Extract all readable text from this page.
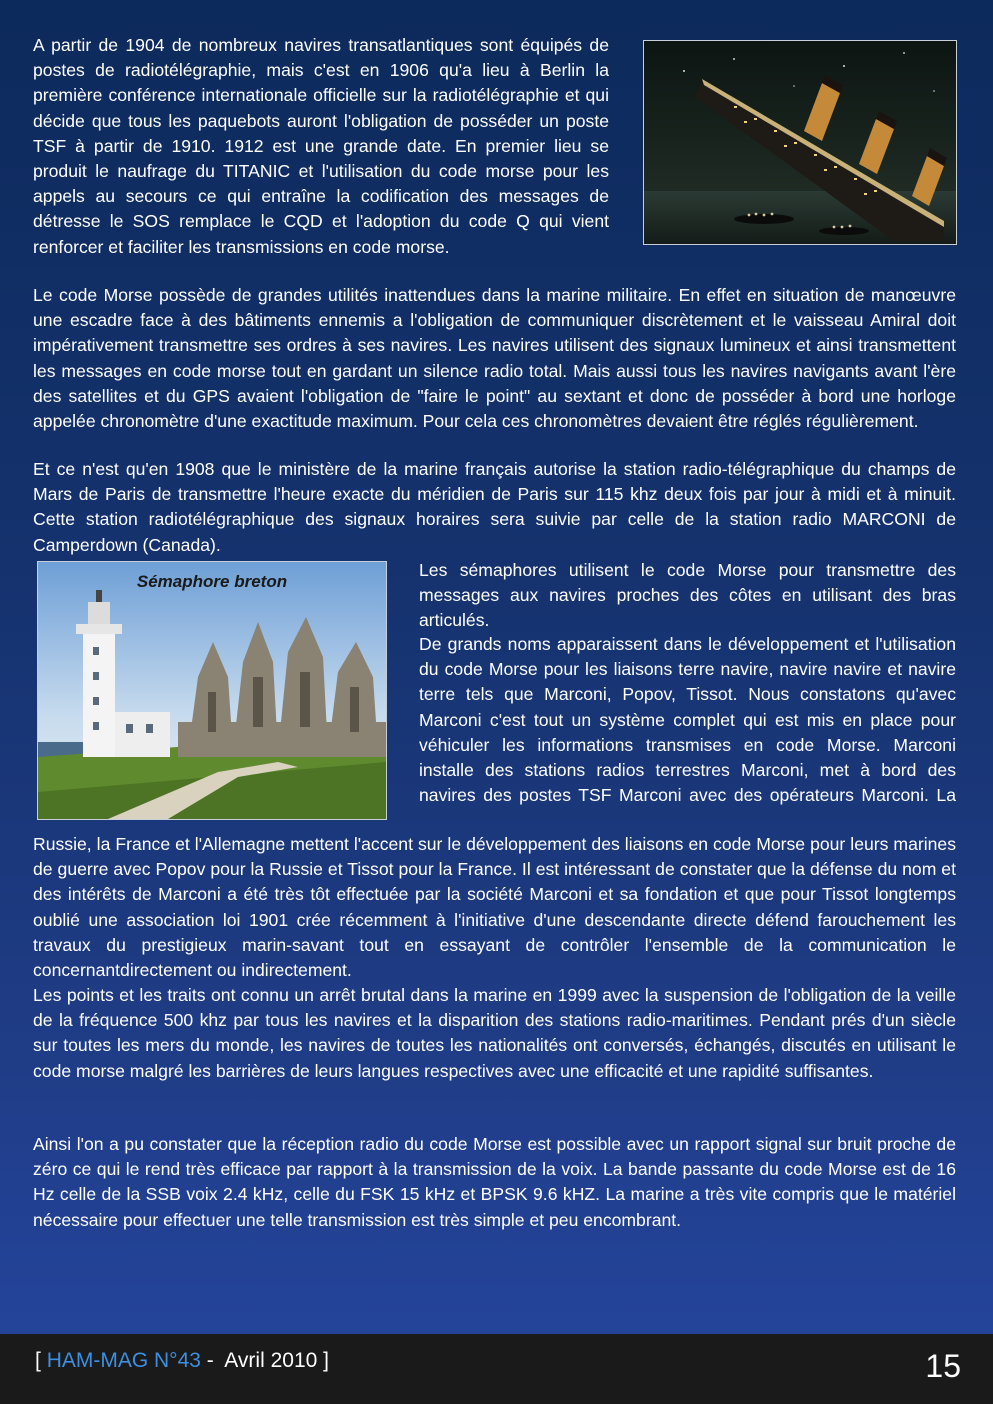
A partir de 1904 de nombreux navires transatlantiques sont équipés de postes de radiotélégraphie, mais c'est en 1906 qu'a lieu à Berlin la première conférence internationale officielle sur la radiotélégraphie et qui décide que tous les paquebots auront l'obligation de posséder un poste TSF à partir de 1910. 1912 est une grande date. En premier lieu se produit le naufrage du TITANIC et l'utilisation du code morse pour les appels au secours ce qui entraîne la codification des messages de détresse le SOS remplace le CQD et l'adoption du code Q qui vient renforcer et faciliter les transmissions en code morse.

Le code Morse possède de grandes utilités inattendues dans la marine militaire. En effet en situation de manœuvre une escadre face à des bâtiments ennemis a l'obligation de communiquer discrètement et le vaisseau Amiral doit impérativement transmettre ses ordres à ses navires. Les navires utilisent des signaux lumineux et ainsi transmettent les messages en code morse tout en gardant un silence radio total. Mais aussi tous les navires navigants avant l'ère des satellites et du GPS avaient l'obligation de "faire le point" au sextant et donc de posséder à bord une horloge appelée chronomètre d'une exactitude maximum. Pour cela ces chronomètres devaient être réglés régulièrement.

Et ce n'est qu'en 1908 que le ministère de la marine français autorise la station radio-télégraphique du champs de Mars de Paris de transmettre l'heure exacte du méridien de Paris sur 115 khz deux fois par jour à midi et à minuit. Cette station radiotélégraphique des signaux horaires sera suivie par celle de la station radio MARCONI de Camperdown (Canada).

Sémaphore breton

Les sémaphores utilisent le code Morse pour transmettre des messages aux navires proches des côtes en utilisant des bras articulés.

De grands noms apparaissent dans le développement et l'utilisation du code Morse pour les liaisons terre navire, navire navire et navire terre tels que Marconi, Popov, Tissot. Nous constatons qu'avec Marconi c'est tout un système complet qui est mis en place pour véhiculer les informations transmises en code Morse. Marconi installe des stations radios terrestres Marconi, met à bord des navires des postes TSF Marconi avec des opérateurs Marconi. La

Russie, la France et l'Allemagne mettent l'accent sur le développement des liaisons en code Morse pour leurs marines de guerre avec Popov pour la Russie et Tissot pour la France. Il est intéressant de constater que la défense du nom et des intérêts de Marconi a été très tôt effectuée par la société Marconi et sa fondation et que pour Tissot longtemps oublié une association loi 1901 crée récemment à l'initiative d'une descendante directe défend farouchement les travaux du prestigieux marin-savant tout en essayant de contrôler l'ensemble de la communication le concernantdirectement ou indirectement.

Les points et les traits ont connu un arrêt brutal dans la marine en 1999 avec la suspension de l'obligation de la veille de la fréquence 500 khz par tous les navires et la disparition des stations radio-maritimes. Pendant prés d'un siècle sur toutes les mers du monde, les navires de toutes les nationalités ont conversés, échangés, discutés en utilisant le code morse malgré les barrières de leurs langues respectives avec une efficacité et une rapidité suffisantes.

Ainsi l'on a pu constater que la réception radio du code Morse est possible avec un rapport signal sur bruit proche de zéro ce qui le rend très efficace par rapport à la transmission de la voix. La bande passante du code Morse est de 16 Hz celle de la SSB voix 2.4 kHz, celle du FSK 15 kHz et BPSK 9.6 kHZ. La marine a très vite compris que le matériel nécessaire pour effectuer une telle transmission est très simple et peu encombrant.

[ HAM-MAG N°43 -  Avril 2010 ]	15
